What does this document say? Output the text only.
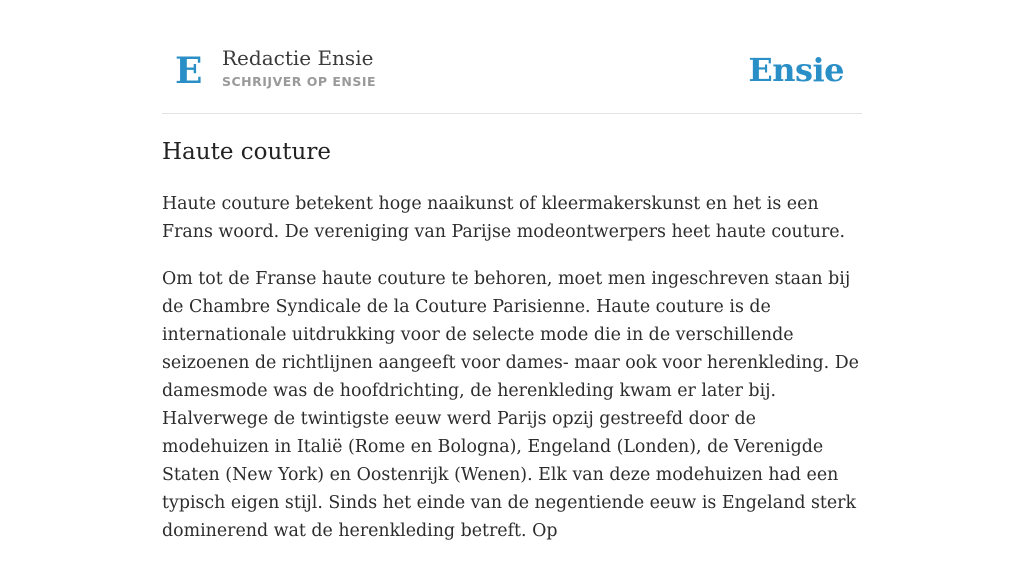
E Redactie Ensie
SCHRIJVER OP ENSIE	Ensie
Haute couture

Haute couture betekent hoge naaikunst of kleermakerskunst en het is een Frans woord. De vereniging van Parijse modeontwerpers heet haute couture.

Om tot de Franse haute couture te behoren, moet men ingeschreven staan bij de Chambre Syndicale de la Couture Parisienne. Haute couture is de internationale uitdrukking voor de selecte mode die in de verschillende seizoenen de richtlijnen aangeeft voor dames- maar ook voor herenkleding. De damesmode was de hoofdrichting, de herenkleding kwam er later bij. Halverwege de twintigste eeuw werd Parijs opzij gestreefd door de modehuizen in Italië (Rome en Bologna), Engeland (Londen), de Verenigde Staten (New York) en Oostenrijk (Wenen). Elk van deze modehuizen had een typisch eigen stijl. Sinds het einde van de negentiende eeuw is Engeland sterk dominerend wat de herenkleding betreft. Op
